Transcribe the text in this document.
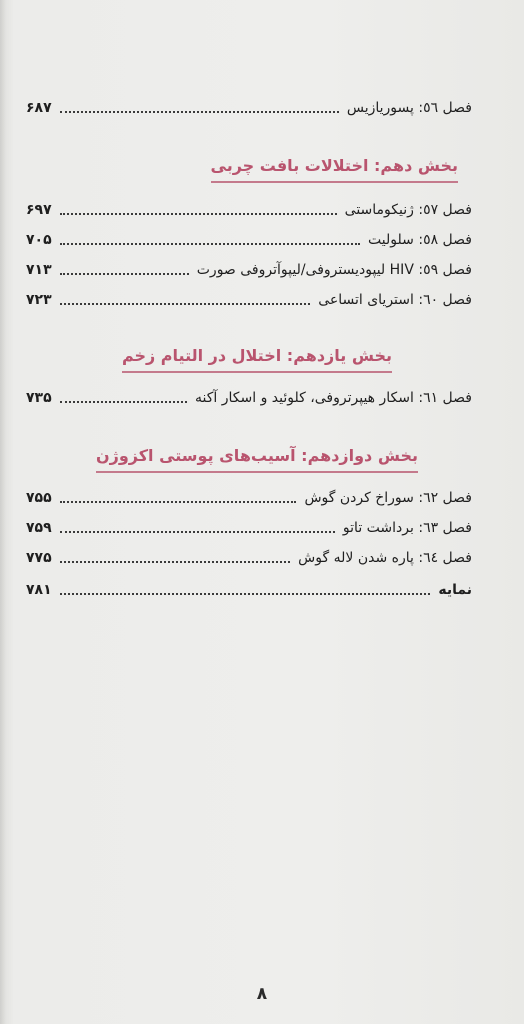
فصل ٥٦: پسوریازیس
۶۸۷
بخش دهم: اختلالات بافت چربی
فصل ٥٧: ژنیکوماستی
۶۹۷
فصل ٥٨: سلولیت
۷۰۵
فصل ٥٩: HIV لیپودیستروفی/لیپوآتروفی صورت
۷۱۳
فصل ٦٠: استریای اتساعی
۷۲۳
بخش یازدهم: اختلال در التیام زخم
فصل ٦١: اسکار هیپرتروفی، کلوئید و اسکار آکنه
۷۳۵
بخش دوازدهم: آسیب‌های پوستی اکزوژن
فصل ٦٢: سوراخ کردن گوش
۷۵۵
فصل ٦٣: برداشت تاتو
۷۵۹
فصل ٦٤: پاره شدن لاله گوش
۷۷۵
نمایه
۷۸۱
۸
